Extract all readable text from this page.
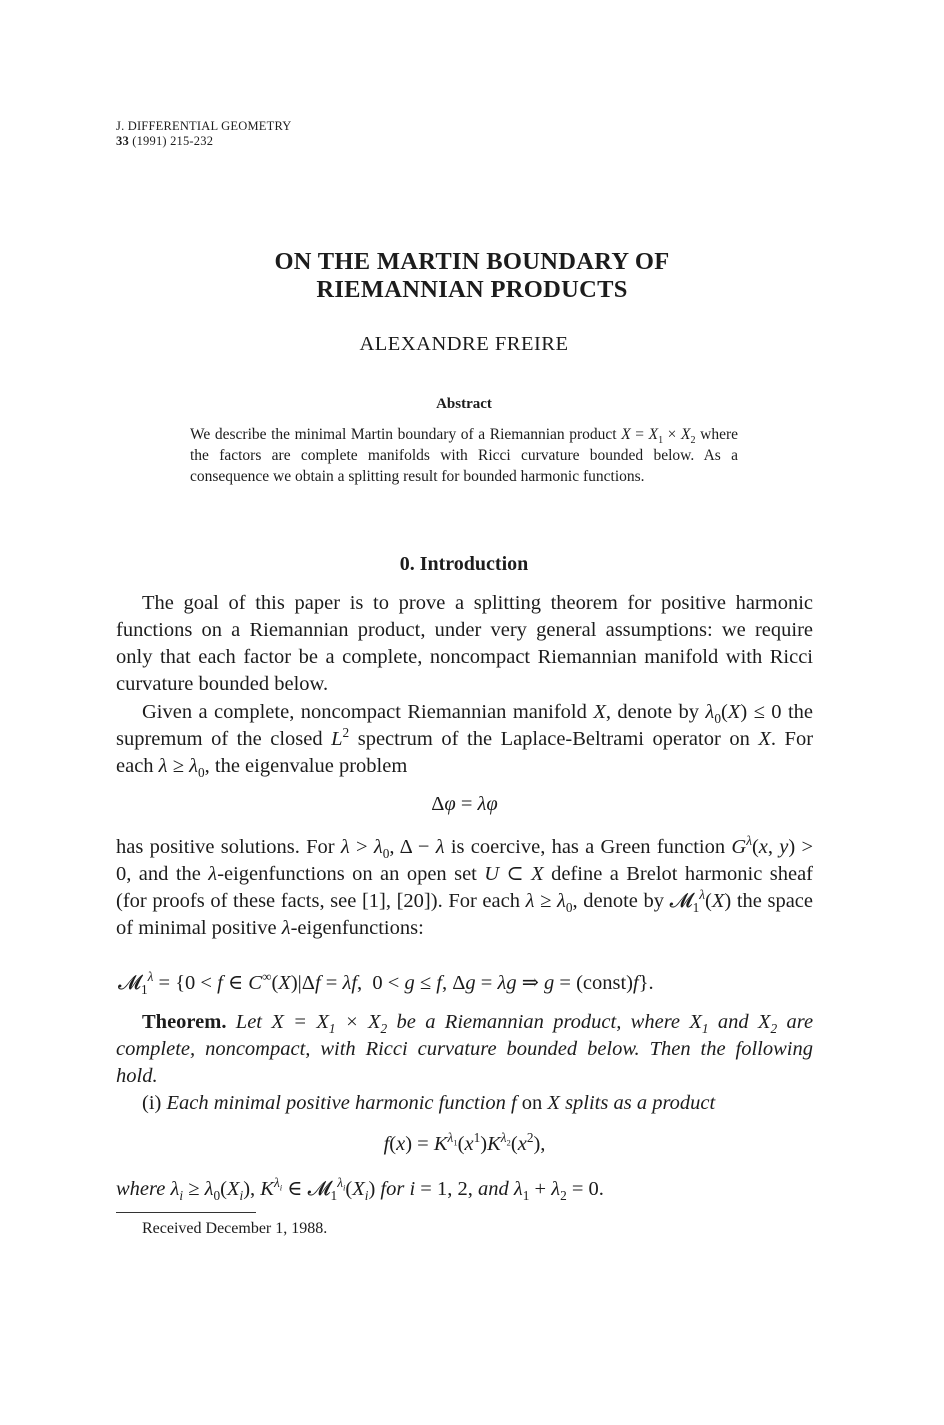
J. DIFFERENTIAL GEOMETRY
33 (1991) 215-232
ON THE MARTIN BOUNDARY OF
RIEMANNIAN PRODUCTS
ALEXANDRE FREIRE
Abstract

We describe the minimal Martin boundary of a Riemannian product $X = X_1 \times X_2$ where the factors are complete manifolds with Ricci curvature bounded below. As a consequence we obtain a splitting result for bounded harmonic functions.

0. Introduction

The goal of this paper is to prove a splitting theorem for positive harmonic functions on a Riemannian product, under very general assumptions: we require only that each factor be a complete, noncompact Riemannian manifold with Ricci curvature bounded below.

Given a complete, noncompact Riemannian manifold X, denote by $\lambda_0(X) \le 0$ the supremum of the closed $L^2$ spectrum of the Laplace-Beltrami operator on X. For each $\lambda \ge \lambda_0$, the eigenvalue problem

Δφ = λφ

has positive solutions. For $\lambda > \lambda_0$, Δ − λ is coercive, has a Green function $G^\lambda(x$, y) > 0, and the λ-eigenfunctions on an open set U ⊂ X define a Brelot harmonic sheaf (for proofs of these facts, see [1], [20]). For each $\lambda \ge \lambda_0$, denote by 𝓜$_1^\lambda$(X) the space of minimal positive λ-eigenfunctions:

𝓜$_1^\lambda$ = {0 < f ∈ C∞(X)|Δf = λf,  0 < g ≤ f, Δg = λg ⇒ g = (const)f}.

Theorem. Let $X = X_1 \times X_2$ be a Riemannian product, where $X_1$ and $X_2$ are complete, noncompact, with Ricci curvature bounded below. Then the following hold.

(i) Each minimal positive harmonic function f on X splits as a product

$f(x) = K^{\lambda_1}(x^1)K^{\lambda_2}(x^2)$,

where $\lambda_i \ge \lambda_0(X_i)$, $K^{\lambda_i}$ ∈ $𝓜_1^{\lambda_i}(X_i)$ for i = 1, 2, and $\lambda_1 + \lambda_2 = 0$.

Received December 1, 1988.
